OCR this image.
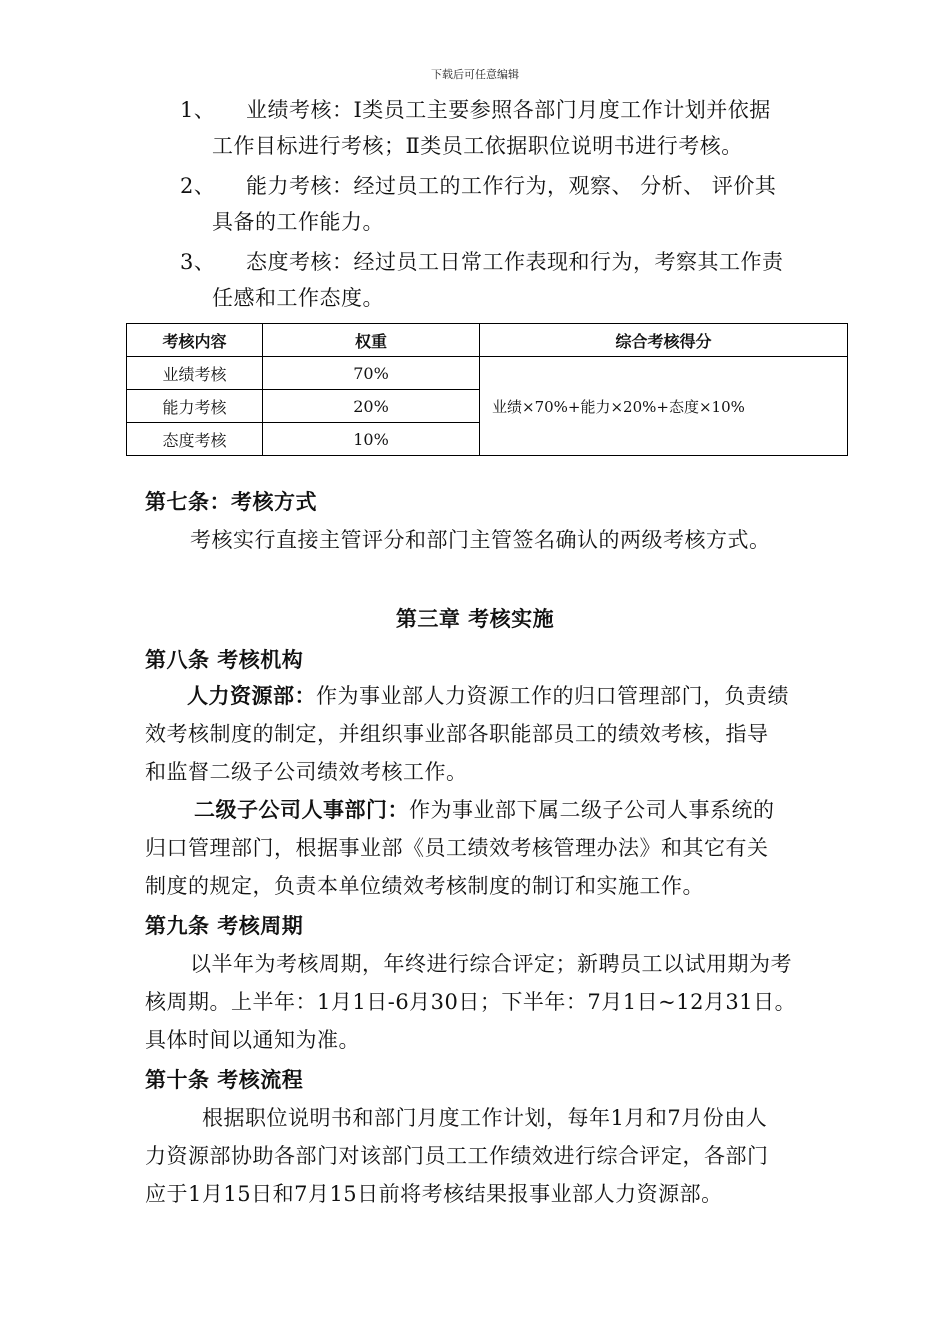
下载后可任意编辑
1、 业绩考核：Ⅰ类员工主要参照各部门月度工作计划并依据
工作目标进行考核；Ⅱ类员工依据职位说明书进行考核。
2、 能力考核：经过员工的工作行为，观察、 分析、 评价其
具备的工作能力。
3、 态度考核：经过员工日常工作表现和行为，考察其工作责
任感和工作态度。
考核内容	权重	综合考核得分
业绩考核	70%	业绩×70%+能力×20%+态度×10%
能力考核	20%	
态度考核	10%	
第七条：考核方式
考核实行直接主管评分和部门主管签名确认的两级考核方式。
第三章 考核实施
第八条 考核机构
人力资源部：作为事业部人力资源工作的归口管理部门，负责绩
效考核制度的制定，并组织事业部各职能部员工的绩效考核，指导
和监督二级子公司绩效考核工作。
二级子公司人事部门：作为事业部下属二级子公司人事系统的
归口管理部门，根据事业部《员工绩效考核管理办法》和其它有关
制度的规定，负责本单位绩效考核制度的制订和实施工作。
第九条 考核周期
以半年为考核周期，年终进行综合评定；新聘员工以试用期为考
核周期。上半年：1月1日-6月30日；下半年：7月1日~12月31日。
具体时间以通知为准。
第十条 考核流程
根据职位说明书和部门月度工作计划，每年1月和7月份由人
力资源部协助各部门对该部门员工工作绩效进行综合评定，各部门
应于1月15日和7月15日前将考核结果报事业部人力资源部。
